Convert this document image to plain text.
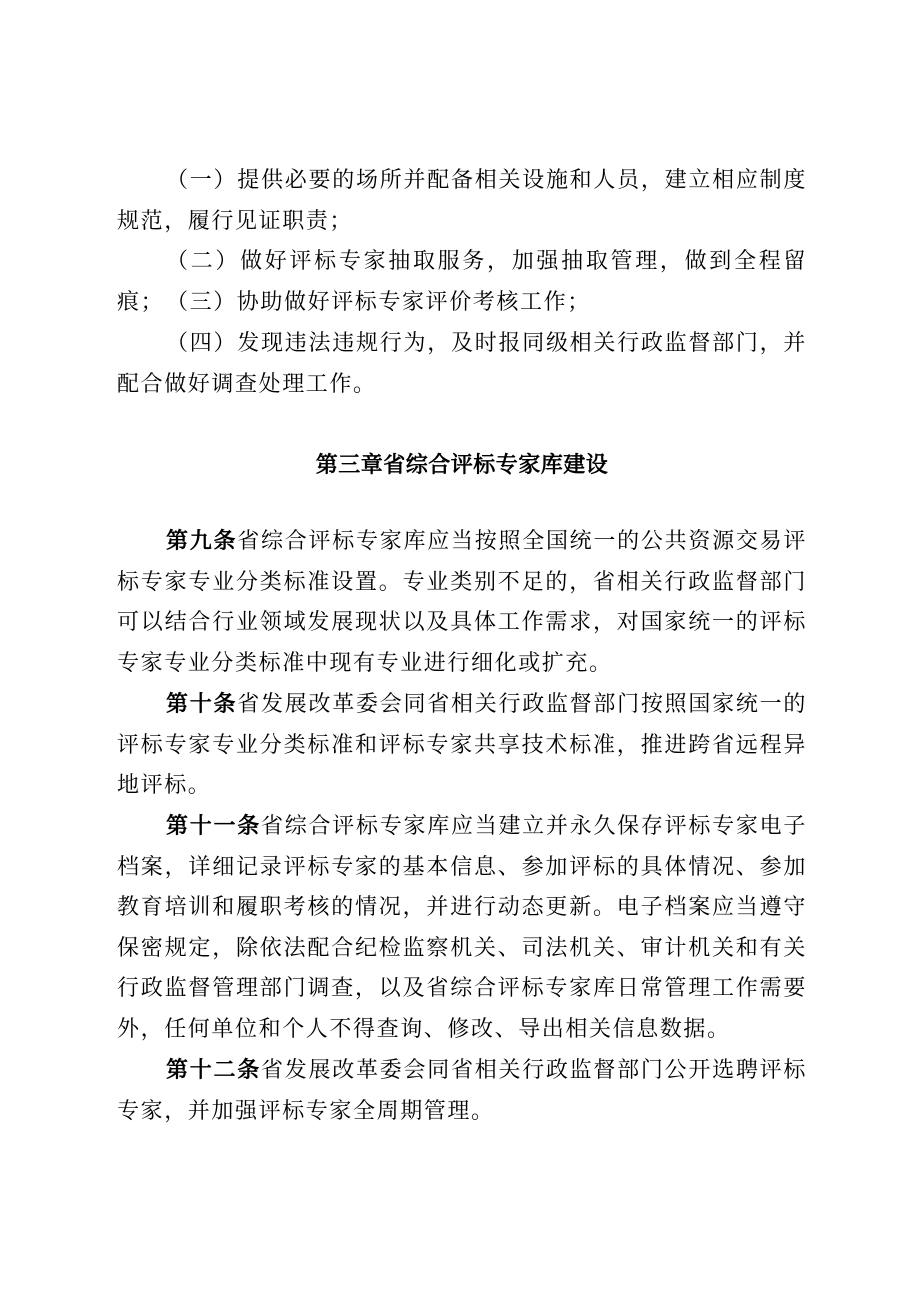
（一）提供必要的场所并配备相关设施和人员，建立相应制度规范，履行见证职责；

（二）做好评标专家抽取服务，加强抽取管理，做到全程留痕； （三）协助做好评标专家评价考核工作；

（四）发现违法违规行为，及时报同级相关行政监督部门，并配合做好调查处理工作。

第三章省综合评标专家库建设

第九条省综合评标专家库应当按照全国统一的公共资源交易评标专家专业分类标准设置。专业类别不足的，省相关行政监督部门可以结合行业领域发展现状以及具体工作需求，对国家统一的评标专家专业分类标准中现有专业进行细化或扩充。

第十条省发展改革委会同省相关行政监督部门按照国家统一的评标专家专业分类标准和评标专家共享技术标准，推进跨省远程异地评标。

第十一条省综合评标专家库应当建立并永久保存评标专家电子档案，详细记录评标专家的基本信息、参加评标的具体情况、参加教育培训和履职考核的情况，并进行动态更新。电子档案应当遵守保密规定，除依法配合纪检监察机关、司法机关、审计机关和有关行政监督管理部门调查，以及省综合评标专家库日常管理工作需要外，任何单位和个人不得查询、修改、导出相关信息数据。

第十二条省发展改革委会同省相关行政监督部门公开选聘评标专家，并加强评标专家全周期管理。
